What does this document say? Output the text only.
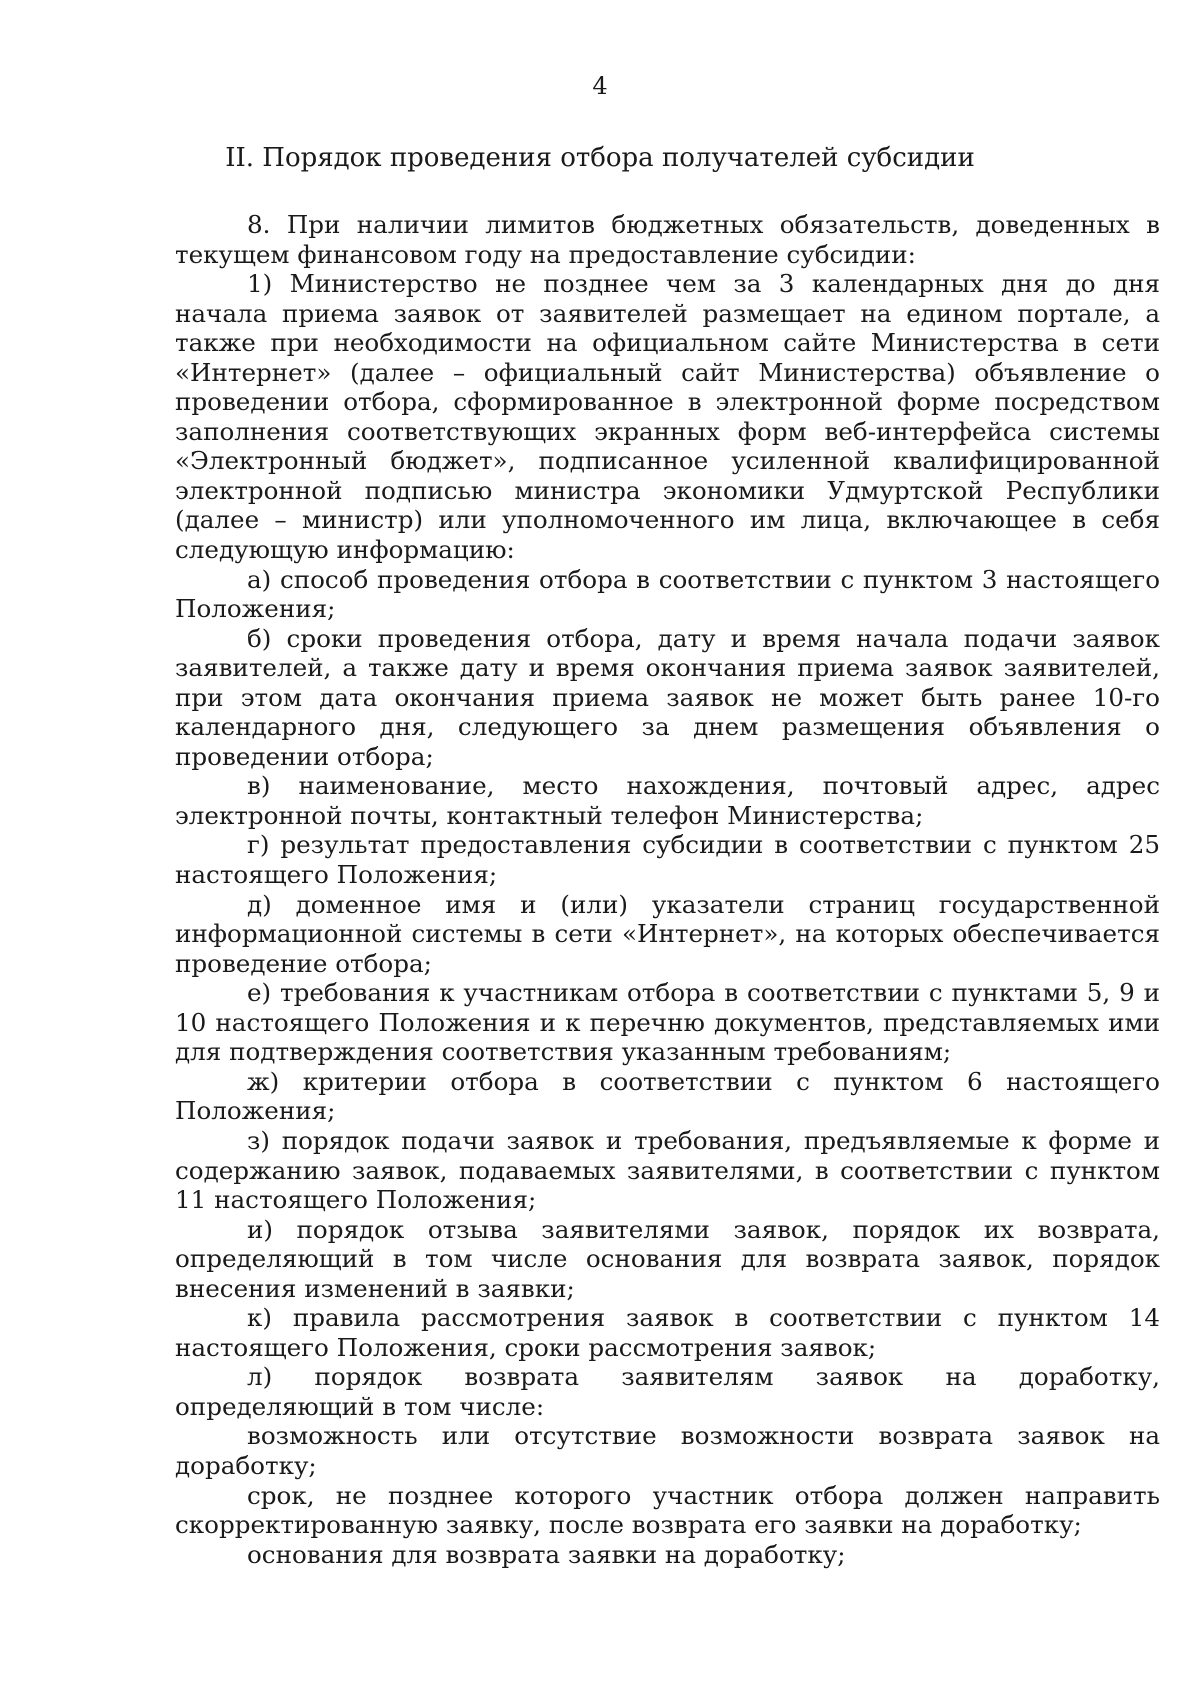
4
II. Порядок проведения отбора получателей субсидии

8. При наличии лимитов бюджетных обязательств, доведенных в текущем финансовом году на предоставление субсидии:

1) Министерство не позднее чем за 3 календарных дня до дня начала приема заявок от заявителей размещает на едином портале, а также при необходимости на официальном сайте Министерства в сети «Интернет» (далее – официальный сайт Министерства) объявление о проведении отбора, сформированное в электронной форме посредством заполнения соответствующих экранных форм веб-интерфейса системы «Электронный бюджет», подписанное усиленной квалифицированной электронной подписью министра экономики Удмуртской Республики (далее – министр) или уполномоченного им лица, включающее в себя следующую информацию:

а) способ проведения отбора в соответствии с пунктом 3 настоящего Положения;

б) сроки проведения отбора, дату и время начала подачи заявок заявителей, а также дату и время окончания приема заявок заявителей, при этом дата окончания приема заявок не может быть ранее 10-го календарного дня, следующего за днем размещения объявления о проведении отбора;

в) наименование, место нахождения, почтовый адрес, адрес электронной почты, контактный телефон Министерства;

г) результат предоставления субсидии в соответствии с пунктом 25 настоящего Положения;

д) доменное имя и (или) указатели страниц государственной информационной системы в сети «Интернет», на которых обеспечивается проведение отбора;

е) требования к участникам отбора в соответствии с пунктами 5, 9 и 10 настоящего Положения и к перечню документов, представляемых ими для подтверждения соответствия указанным требованиям;

ж) критерии отбора в соответствии с пунктом 6 настоящего Положения;

з) порядок подачи заявок и требования, предъявляемые к форме и содержанию заявок, подаваемых заявителями, в соответствии с пунктом 11 настоящего Положения;

и) порядок отзыва заявителями заявок, порядок их возврата, определяющий в том числе основания для возврата заявок, порядок внесения изменений в заявки;

к) правила рассмотрения заявок в соответствии с пунктом 14 настоящего Положения, сроки рассмотрения заявок;

л) порядок возврата заявителям заявок на доработку, определяющий в том числе:

возможность или отсутствие возможности возврата заявок на доработку;

срок, не позднее которого участник отбора должен направить скорректированную заявку, после возврата его заявки на доработку;

основания для возврата заявки на доработку;
